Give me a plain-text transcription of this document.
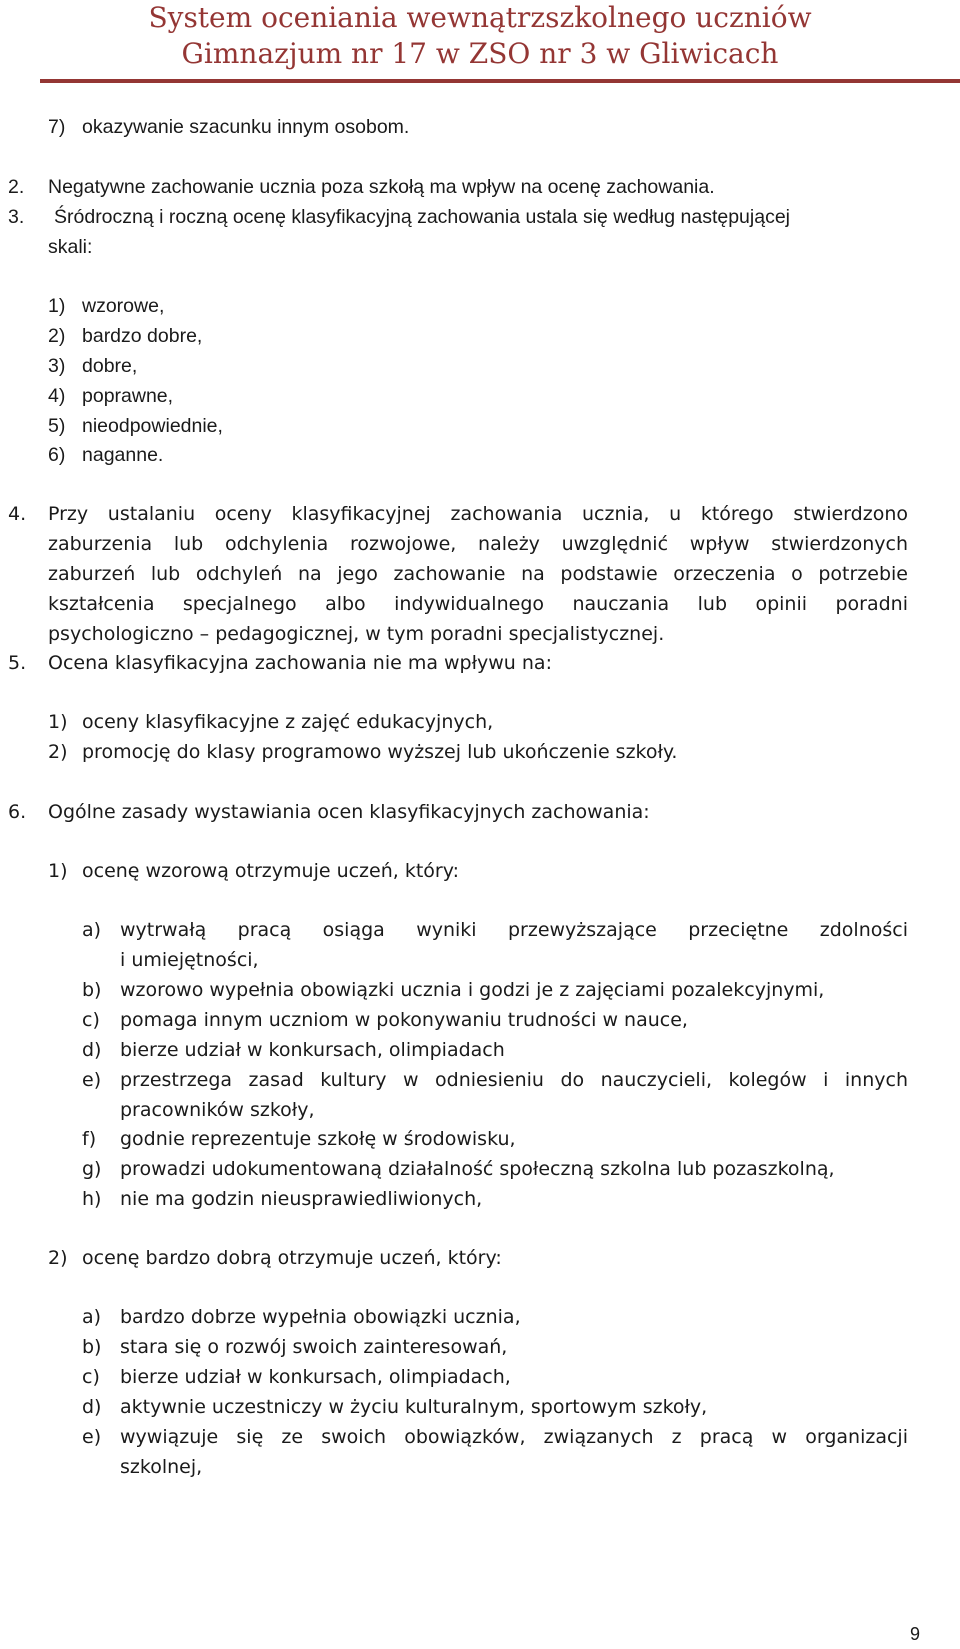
System oceniania wewnątrzszkolnego uczniów
Gimnazjum nr 17 w ZSO nr 3 w Gliwicach
7) okazywanie szacunku innym osobom.
2. Negatywne zachowanie ucznia poza szkołą ma wpływ na ocenę zachowania.
3. Śródroczną i roczną ocenę klasyfikacyjną zachowania ustala się według następującej
skali:
1) wzorowe,
2) bardzo dobre,
3) dobre,
4) poprawne,
5) nieodpowiednie,
6) naganne.
4.	Przy ustalaniu oceny klasyfikacyjnej zachowania ucznia, u którego stwierdzono
zaburzenia lub odchylenia rozwojowe, należy uwzględnić wpływ stwierdzonych
zaburzeń lub odchyleń na jego zachowanie na podstawie orzeczenia o potrzebie
kształcenia specjalnego albo indywidualnego nauczania lub opinii poradni
psychologiczno – pedagogicznej, w tym poradni specjalistycznej.
5. Ocena klasyfikacyjna zachowania nie ma wpływu na:
1) oceny klasyfikacyjne z zajęć edukacyjnych,
2) promocję do klasy programowo wyższej lub ukończenie szkoły.
6. Ogólne zasady wystawiania ocen klasyfikacyjnych zachowania:
1) ocenę wzorową otrzymuje uczeń, który:
a) wytrwałą pracą osiąga wyniki przewyższające przeciętne zdolności
i umiejętności,
b) wzorowo wypełnia obowiązki ucznia i godzi je z zajęciami pozalekcyjnymi,
c)	pomaga innym uczniom w pokonywaniu trudności w nauce,
d) bierze udział w konkursach, olimpiadach
e) przestrzega zasad kultury w odniesieniu do nauczycieli, kolegów i innych
pracowników szkoły,
f)	godnie reprezentuje szkołę w środowisku,
g) prowadzi udokumentowaną działalność społeczną szkolna lub pozaszkolną,
h) nie ma godzin nieusprawiedliwionych,
2) ocenę bardzo dobrą otrzymuje uczeń, który:
a) bardzo dobrze wypełnia obowiązki ucznia,
b) stara się o rozwój swoich zainteresowań,
c)	bierze udział w konkursach, olimpiadach,
d) aktywnie uczestniczy w życiu kulturalnym, sportowym szkoły,
e) wywiązuje się ze swoich obowiązków, związanych z pracą w organizacji
szkolnej,
9
